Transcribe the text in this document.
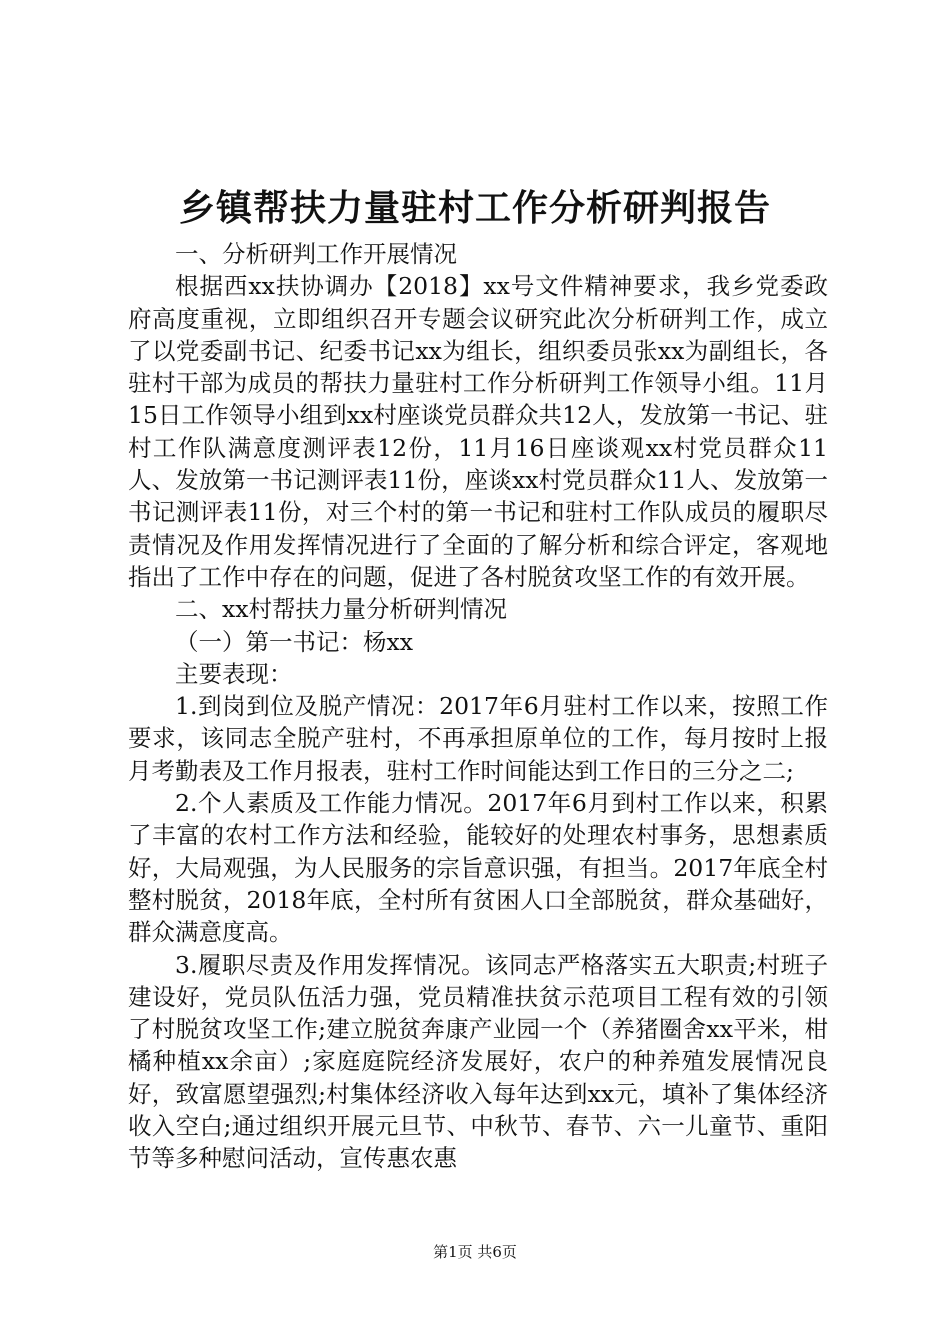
乡镇帮扶力量驻村工作分析研判报告

一、分析研判工作开展情况

根据西xx扶协调办【2018】xx号文件精神要求，我乡党委政府高度重视，立即组织召开专题会议研究此次分析研判工作，成立了以党委副书记、纪委书记xx为组长，组织委员张xx为副组长，各驻村干部为成员的帮扶力量驻村工作分析研判工作领导小组。11月15日工作领导小组到xx村座谈党员群众共12人，发放第一书记、驻村工作队满意度测评表12份，11月16日座谈观xx村党员群众11人、发放第一书记测评表11份，座谈xx村党员群众11人、发放第一书记测评表11份，对三个村的第一书记和驻村工作队成员的履职尽责情况及作用发挥情况进行了全面的了解分析和综合评定，客观地指出了工作中存在的问题，促进了各村脱贫攻坚工作的有效开展。

二、xx村帮扶力量分析研判情况

（一）第一书记：杨xx

主要表现：

1.到岗到位及脱产情况：2017年6月驻村工作以来，按照工作要求，该同志全脱产驻村，不再承担原单位的工作，每月按时上报月考勤表及工作月报表，驻村工作时间能达到工作日的三分之二;

2.个人素质及工作能力情况。2017年6月到村工作以来，积累了丰富的农村工作方法和经验，能较好的处理农村事务，思想素质好，大局观强，为人民服务的宗旨意识强，有担当。2017年底全村整村脱贫，2018年底，全村所有贫困人口全部脱贫，群众基础好，群众满意度高。

3.履职尽责及作用发挥情况。该同志严格落实五大职责;村班子建设好，党员队伍活力强，党员精准扶贫示范项目工程有效的引领了村脱贫攻坚工作;建立脱贫奔康产业园一个（养猪圈舍xx平米，柑橘种植xx余亩）;家庭庭院经济发展好，农户的种养殖发展情况良好，致富愿望强烈;村集体经济收入每年达到xx元，填补了集体经济收入空白;通过组织开展元旦节、中秋节、春节、六一儿童节、重阳节等多种慰问活动，宣传惠农惠

第1页 共6页
